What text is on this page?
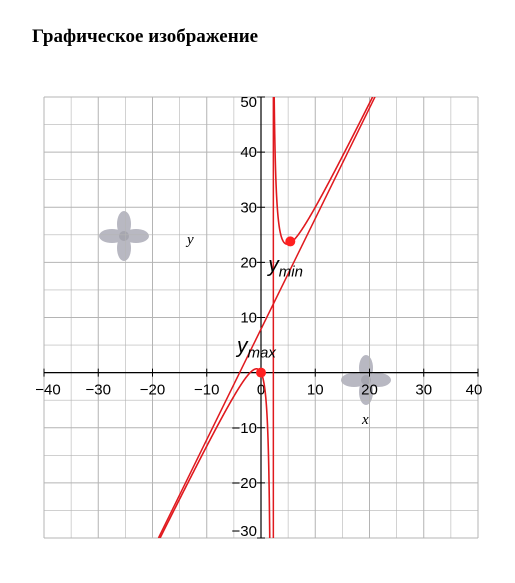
Графическое изображение
−40 −30 −20 −10 0	10	20	30 40
−30
−20
−10
10
20
30
40
50
y
x
ymax
ymin
